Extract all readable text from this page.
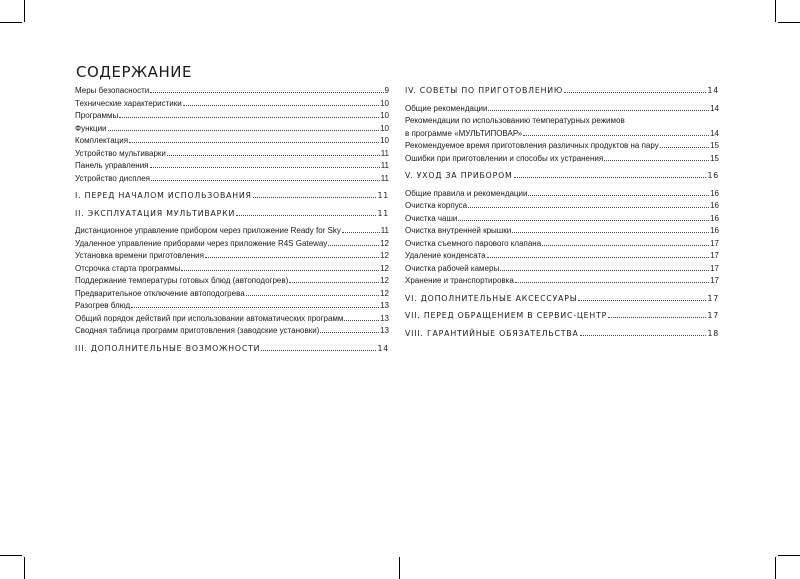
СОДЕРЖАНИЕ
Меры безопасности	9
Технические характеристики	10
Программы	10
Функции	10
Комплектация	10
Устройство мультиварки	11
Панель управления	11
Устройство дисплея	11
I. ПЕРЕД НАЧАЛОМ ИСПОЛЬЗОВАНИЯ	11
II. ЭКСПЛУАТАЦИЯ МУЛЬТИВАРКИ	11
Дистанционное управление прибором через приложение Ready for Sky	11
Удаленное управление приборами через приложение R4S Gateway	12
Установка времени приготовления	12
Отсрочка старта программы	12
Поддержание температуры готовых блюд (автоподогрев)	12
Предварительное отключение автоподогрева	12
Разогрев блюд	13
Общий порядок действий при использовании автоматических программ	13
Сводная таблица программ приготовления (заводские установки)	13
III. ДОПОЛНИТЕЛЬНЫЕ ВОЗМОЖНОСТИ	14
IV. СОВЕТЫ ПО ПРИГОТОВЛЕНИЮ	14
Общие рекомендации	14
Рекомендации по использованию температурных режимов
в программе «МУЛЬТИПОВАР»	14
Рекомендуемое время приготовления различных продуктов на пару	15
Ошибки при приготовлении и способы их устранения	15
V. УХОД ЗА ПРИБОРОМ	16
Общие правила и рекомендации	16
Очистка корпуса	16
Очистка чаши	16
Очистка внутренней крышки	16
Очистка съемного парового клапана	17
Удаление конденсата	17
Очистка рабочей камеры	17
Хранение и транспортировка	17
VI. ДОПОЛНИТЕЛЬНЫЕ АКСЕССУАРЫ	17
VII. ПЕРЕД ОБРАЩЕНИЕМ В СЕРВИС-ЦЕНТР	17
VIII. ГАРАНТИЙНЫЕ ОБЯЗАТЕЛЬСТВА	18
